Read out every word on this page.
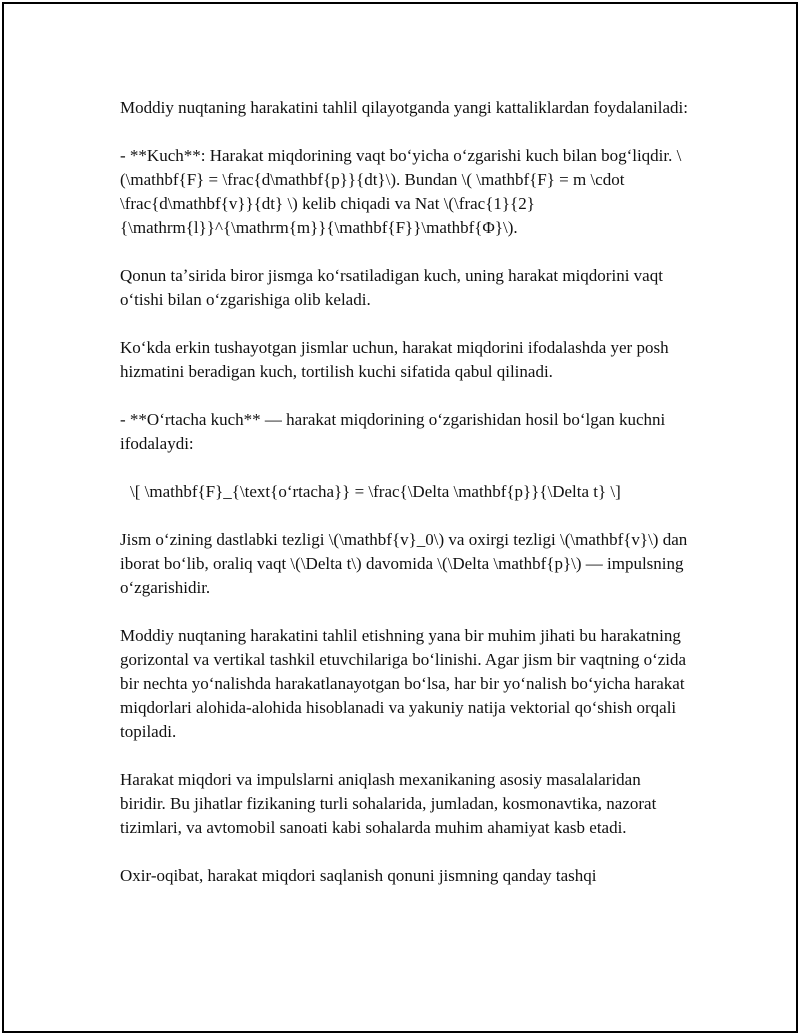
Moddiy nuqtaning harakatini tahlil qilayotganda yangi kattaliklardan foydalaniladi:

- **Kuch**: Harakat miqdorining vaqt boʻyicha oʻzgarishi kuch bilan bogʻliqdir. \(\mathbf{F} = \frac{d\mathbf{p}}{dt}\). Bundan \( \mathbf{F} = m \cdot \frac{d\mathbf{v}}{dt} \) kelib chiqadi va Nat \(\frac{1}{2}{\mathrm{l}}^{\mathrm{m}}{\mathbf{F}}\mathbf{Φ}\).

Qonun taʼsirida biror jismga koʻrsatiladigan kuch, uning harakat miqdorini vaqt oʻtishi bilan oʻzgarishiga olib keladi.

Koʻkda erkin tushayotgan jismlar uchun, harakat miqdorini ifodalashda yer posh hizmatini beradigan kuch, tortilish kuchi sifatida qabul qilinadi.

- **Oʻrtacha kuch** — harakat miqdorining oʻzgarishidan hosil boʻlgan kuchni ifodalaydi:

\[ \mathbf{F}_{\text{oʻrtacha}} = \frac{\Delta \mathbf{p}}{\Delta t} \]

Jism oʻzining dastlabki tezligi \(\mathbf{v}_0\) va oxirgi tezligi \(\mathbf{v}\) dan iborat boʻlib, oraliq vaqt \(\Delta t\) davomida \(\Delta \mathbf{p}\) — impulsning oʻzgarishidir.

Moddiy nuqtaning harakatini tahlil etishning yana bir muhim jihati bu harakatning gorizontal va vertikal tashkil etuvchilariga boʻlinishi. Agar jism bir vaqtning oʻzida bir nechta yoʻnalishda harakatlanayotgan boʻlsa, har bir yoʻnalish boʻyicha harakat miqdorlari alohida-alohida hisoblanadi va yakuniy natija vektorial qoʻshish orqali topiladi.

Harakat miqdori va impulslarni aniqlash mexanikaning asosiy masalalaridan biridir. Bu jihatlar fizikaning turli sohalarida, jumladan, kosmonavtika, nazorat tizimlari, va avtomobil sanoati kabi sohalarda muhim ahamiyat kasb etadi.

Oxir-oqibat, harakat miqdori saqlanish qonuni jismning qanday tashqi
